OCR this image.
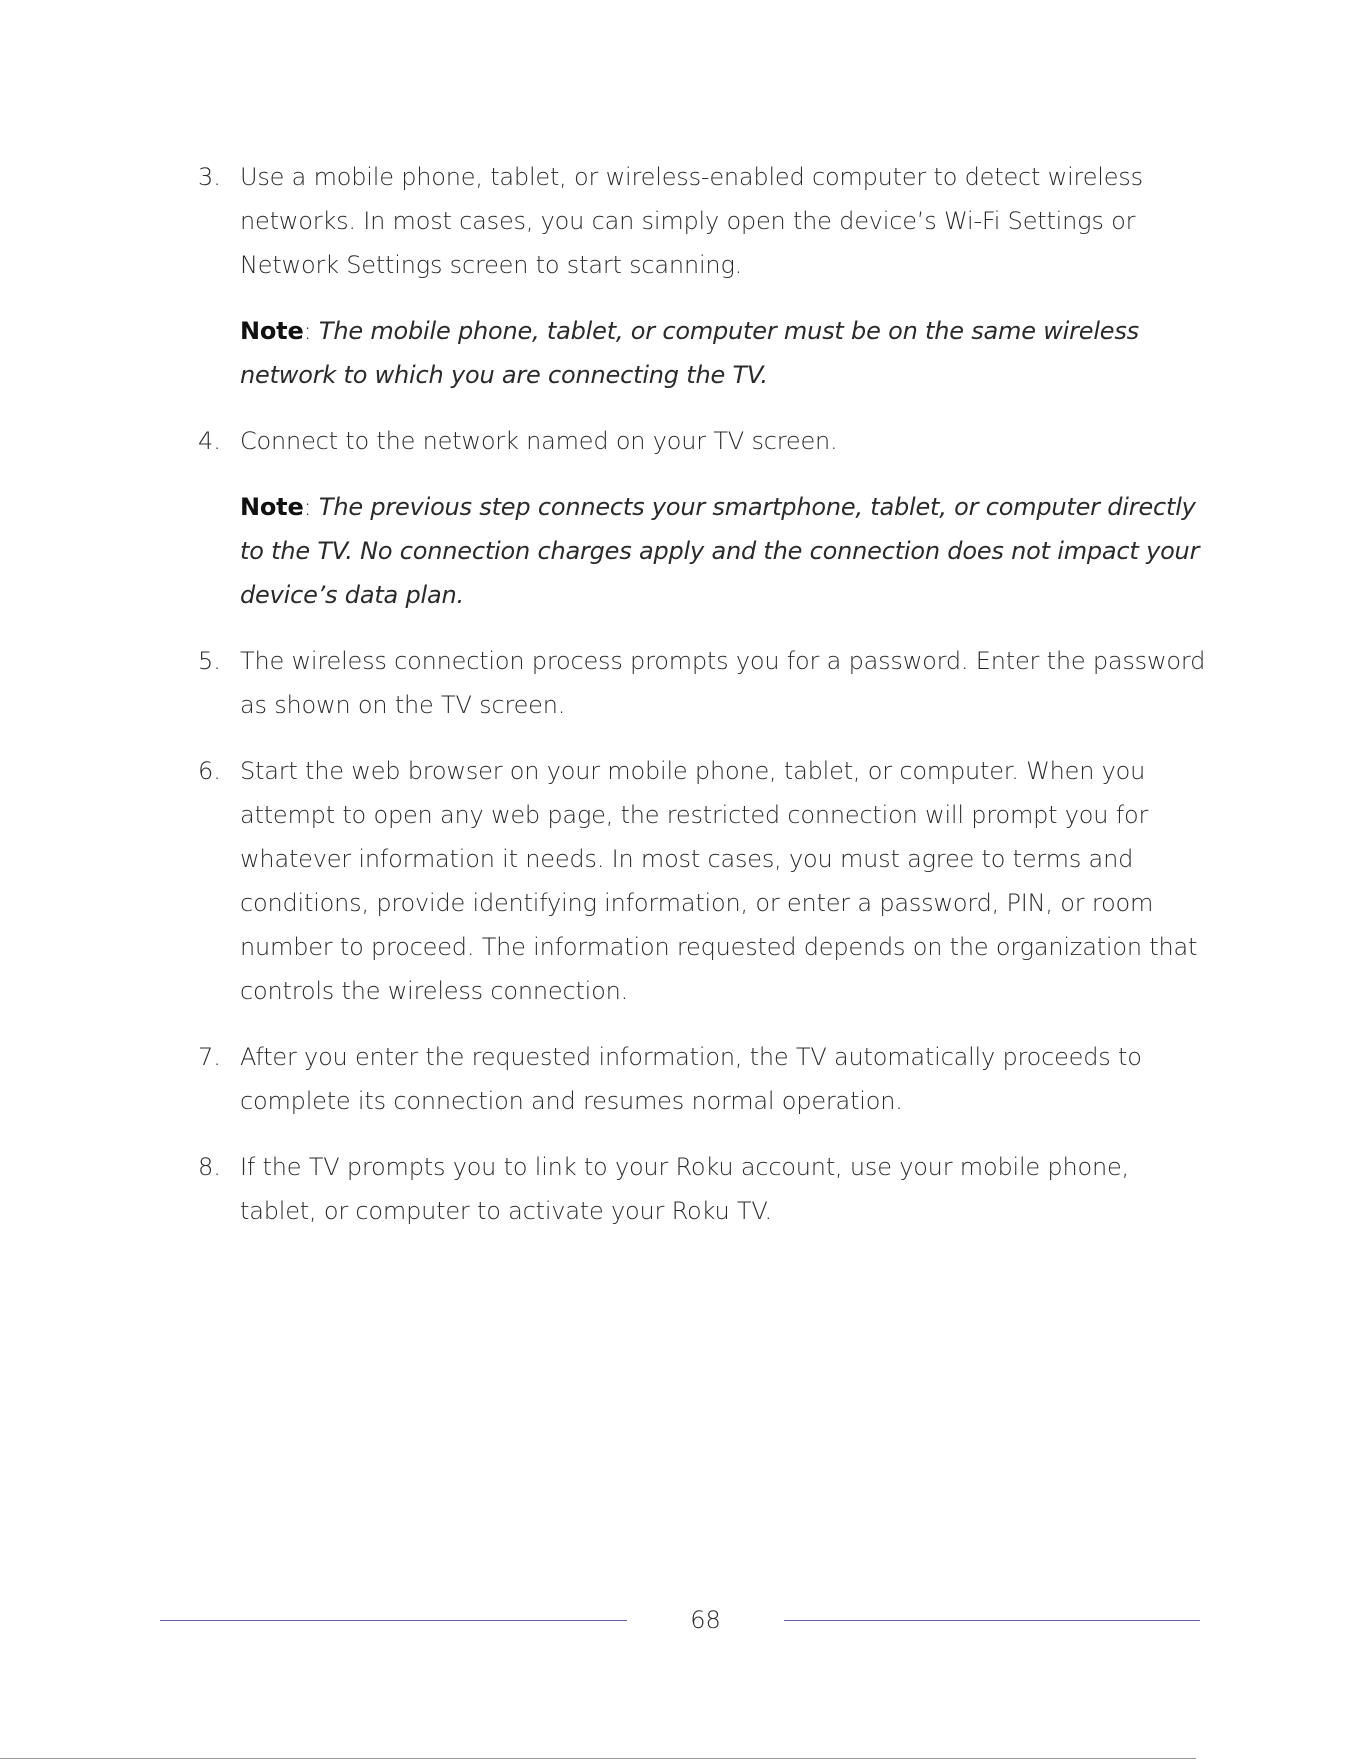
3. Use a mobile phone, tablet, or wireless-enabled computer to detect wireless networks. In most cases, you can simply open the device’s Wi-Fi Settings or Network Settings screen to start scanning.

Note: The mobile phone, tablet, or computer must be on the same wireless network to which you are connecting the TV.

4. Connect to the network named on your TV screen.

Note: The previous step connects your smartphone, tablet, or computer directly to the TV. No connection charges apply and the connection does not impact your device’s data plan.

5. The wireless connection process prompts you for a password. Enter the password as shown on the TV screen.

6. Start the web browser on your mobile phone, tablet, or computer. When you attempt to open any web page, the restricted connection will prompt you for whatever information it needs. In most cases, you must agree to terms and conditions, provide identifying information, or enter a password, PIN, or room number to proceed. The information requested depends on the organization that controls the wireless connection.

7. After you enter the requested information, the TV automatically proceeds to complete its connection and resumes normal operation.

8. If the TV prompts you to link to your Roku account, use your mobile phone, tablet, or computer to activate your Roku TV.

68
